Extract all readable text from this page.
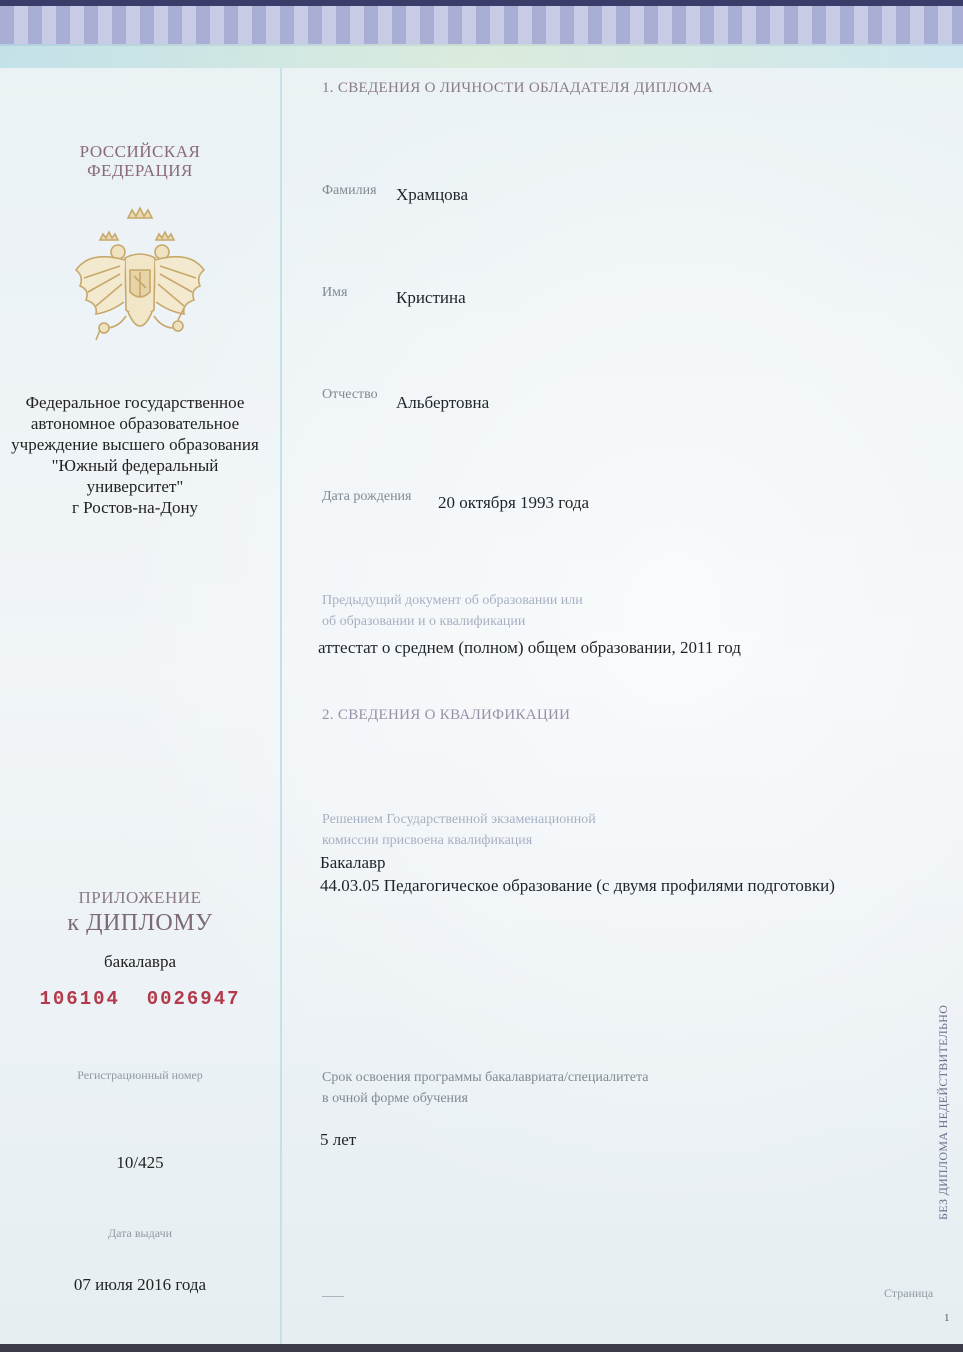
РОССИЙСКАЯ
ФЕДЕРАЦИЯ
Федеральное государственное
автономное образовательное
учреждение высшего образования
"Южный федеральный
университет"
г Ростов-на-Дону
ПРИЛОЖЕНИЕ
к ДИПЛОМУ
бакалавра
106104  0026947
Регистрационный номер
10/425
Дата выдачи
07 июля 2016 года
1. СВЕДЕНИЯ О ЛИЧНОСТИ ОБЛАДАТЕЛЯ ДИПЛОМА
Фамилия Храмцова
Имя	Кристина
Отчество Альбертовна
Дата рождения 20 октября 1993 года
Предыдущий документ об образовании или
об образовании и о квалификации
аттестат о среднем (полном) общем образовании, 2011 год
2. СВЕДЕНИЯ О КВАЛИФИКАЦИИ
Решением Государственной экзаменационной
комиссии присвоена квалификация
Бакалавр
44.03.05 Педагогическое образование (с двумя профилями подготовки)
Срок освоения программы бакалавриата/специалитета
в очной форме обучения
5 лет	БЕЗ ДИПЛОМА НЕДЕЙСТВИТЕЛЬНО
Страница
1
